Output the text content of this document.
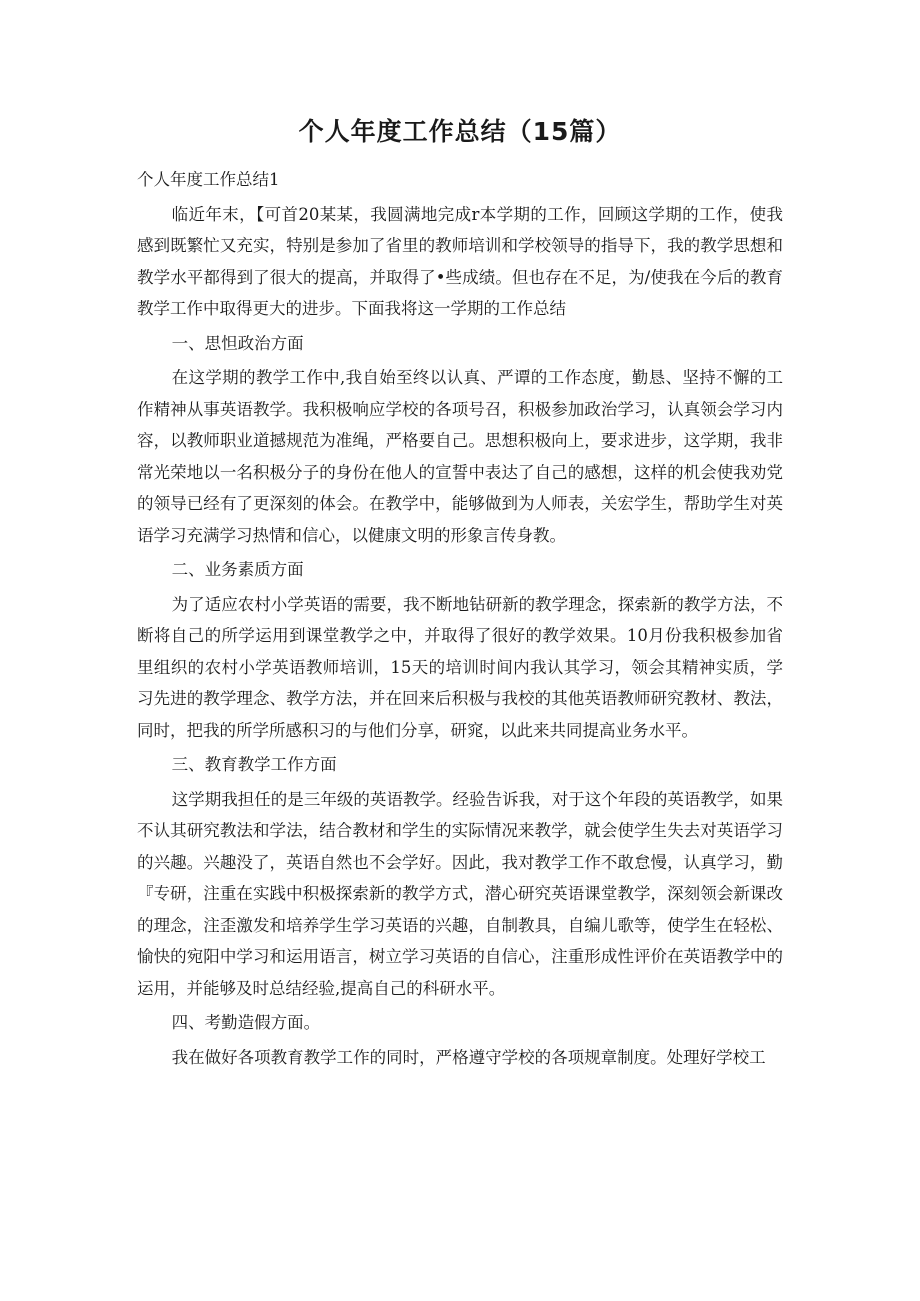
个人年度工作总结（15篇）

个人年度工作总结1

临近年末，【可首20某某，我圆满地完成r本学期的工作，回顾这学期的工作，使我感到既繁忙又充实，特别是参加了省里的教师培训和学校领导的指导下，我的教学思想和教学水平都得到了很大的提高，并取得了•些成绩。但也存在不足，为/使我在今后的教育教学工作中取得更大的进步。下面我将这一学期的工作总结

一、思怛政治方面

在这学期的教学工作中,我自始至终以认真、严谭的工作态度，勤恳、坚持不懈的工作精神从事英语教学。我积极响应学校的各项号召，积极参加政治学习，认真领会学习内容，以教师职业道撼规范为准绳，严格要自己。思想积极向上，要求进步，这学期，我非常光荣地以一名积极分子的身份在他人的宣誓中表达了自己的感想，这样的机会使我劝党的领导已经有了更深刻的体会。在教学中，能够做到为人师表，关宏学生，帮助学生对英语学习充满学习热情和信心，以健康文明的形象言传身教。

二、业务素质方面

为了适应农村小学英语的需要，我不断地钻研新的教学理念，探索新的教学方法，不断将自己的所学运用到课堂教学之中，并取得了很好的教学效果。10月份我积极参加省里组织的农村小学英语教师培训，15天的培训时间内我认其学习，领会其精神实质，学习先进的教学理念、教学方法，并在回来后积极与我校的其他英语教师研究教材、教法，同时，把我的所学所感积习的与他们分享，研窕，以此来共同提高业务水平。

三、教育教学工作方面

这学期我担任的是三年级的英语教学。经验告诉我，对于这个年段的英语教学，如果不认其研究教法和学法，结合教材和学生的实际情况来教学，就会使学生失去对英语学习的兴趣。兴趣没了，英语自然也不会学好。因此，我对教学工作不敢怠慢，认真学习，勤『专研，注重在实践中积极探索新的教学方式，潜心研究英语课堂教学，深刻领会新课改的理念，注歪激发和培养学生学习英语的兴趣，自制教具，自编儿歌等，使学生在轻松、愉快的宛阳中学习和运用语言，树立学习英语的自信心，注重形成性评价在英语教学中的运用，并能够及时总结经验,提高自己的科研水平。

四、考勤造假方面。

我在做好各项教育教学工作的同时，严格遵守学校的各项规章制度。处理好学校工
